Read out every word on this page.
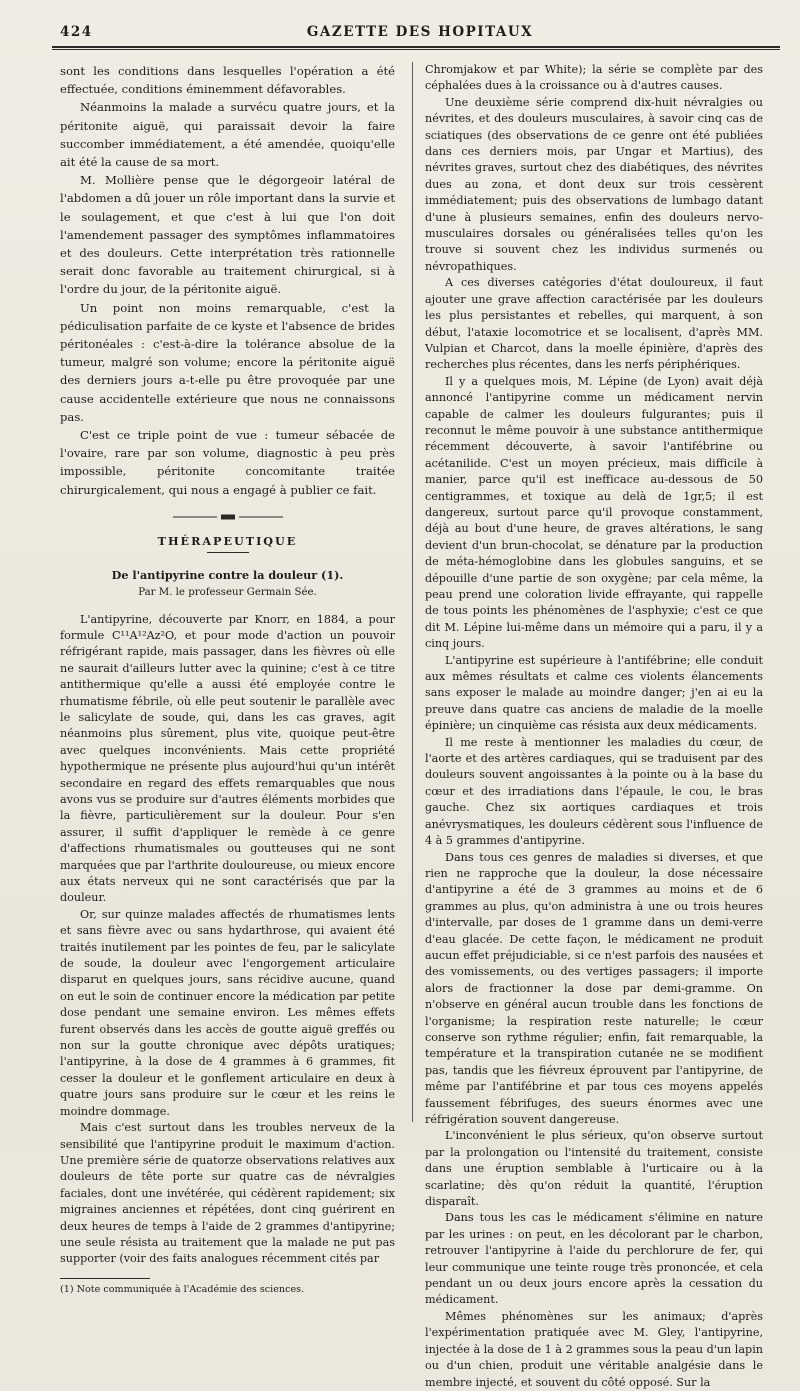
424	GAZETTE DES HOPITAUX

sont les conditions dans lesquelles l'opération a été effectuée, conditions éminemment défavorables.

Néanmoins la malade a survécu quatre jours, et la péritonite aiguë, qui paraissait devoir la faire succomber immédiatement, a été amendée, quoiqu'elle ait été la cause de sa mort.

M. Mollière pense que le dégorgeoir latéral de l'abdomen a dû jouer un rôle important dans la survie et le soulagement, et que c'est à lui que l'on doit l'amendement passager des symptômes inflammatoires et des douleurs. Cette interprétation très rationnelle serait donc favorable au traitement chirurgical, si à l'ordre du jour, de la péritonite aiguë.

Un point non moins remarquable, c'est la pédiculisation parfaite de ce kyste et l'absence de brides péritonéales : c'est-à-dire la tolérance absolue de la tumeur, malgré son volume; encore la péritonite aiguë des derniers jours a-t-elle pu être provoquée par une cause accidentelle extérieure que nous ne connaissons pas.

C'est ce triple point de vue : tumeur sébacée de l'ovaire, rare par son volume, diagnostic à peu près impossible, péritonite concomitante traitée chirurgicalement, qui nous a engagé à publier ce fait.

THÉRAPEUTIQUE
De l'antipyrine contre la douleur (1).
Par M. le professeur Germain Sée.

L'antipyrine, découverte par Knorr, en 1884, a pour formule C¹¹A¹²Az²O, et pour mode d'action un pouvoir réfrigérant rapide, mais passager, dans les fièvres où elle ne saurait d'ailleurs lutter avec la quinine; c'est à ce titre antithermique qu'elle a aussi été employée contre le rhumatisme fébrile, où elle peut soutenir le parallèle avec le salicylate de soude, qui, dans les cas graves, agit néanmoins plus sûrement, plus vite, quoique peut-être avec quelques inconvénients. Mais cette propriété hypothermique ne présente plus aujourd'hui qu'un intérêt secondaire en regard des effets remarquables que nous avons vus se produire sur d'autres éléments morbides que la fièvre, particulièrement sur la douleur. Pour s'en assurer, il suffit d'appliquer le remède à ce genre d'affections rhumatismales ou goutteuses qui ne sont marquées que par l'arthrite douloureuse, ou mieux encore aux états nerveux qui ne sont caractérisés que par la douleur.

Or, sur quinze malades affectés de rhumatismes lents et sans fièvre avec ou sans hydarthrose, qui avaient été traités inutilement par les pointes de feu, par le salicylate de soude, la douleur avec l'engorgement articulaire disparut en quelques jours, sans récidive aucune, quand on eut le soin de continuer encore la médication par petite dose pendant une semaine environ. Les mêmes effets furent observés dans les accès de goutte aiguë greffés ou non sur la goutte chronique avec dépôts uratiques; l'antipyrine, à la dose de 4 grammes à 6 grammes, fit cesser la douleur et le gonflement articulaire en deux à quatre jours sans produire sur le cœur et les reins le moindre dommage.

Mais c'est surtout dans les troubles nerveux de la sensibilité que l'antipyrine produit le maximum d'action. Une première série de quatorze observations relatives aux douleurs de tête porte sur quatre cas de névralgies faciales, dont une invétérée, qui cédèrent rapidement; six migraines anciennes et répétées, dont cinq guérirent en deux heures de temps à l'aide de 2 grammes d'antipyrine; une seule résista au traitement que la malade ne put pas supporter (voir des faits analogues récemment cités par

(1) Note communiquée à l'Académie des sciences.

Chromjakow et par White); la série se complète par des céphalées dues à la croissance ou à d'autres causes.

Une deuxième série comprend dix-huit névralgies ou névrites, et des douleurs musculaires, à savoir cinq cas de sciatiques (des observations de ce genre ont été publiées dans ces derniers mois, par Ungar et Martius), des névrites graves, surtout chez des diabétiques, des névrites dues au zona, et dont deux sur trois cessèrent immédiatement; puis des observations de lumbago datant d'une à plusieurs semaines, enfin des douleurs nervo-musculaires dorsales ou généralisées telles qu'on les trouve si souvent chez les individus surmenés ou névropathiques.

A ces diverses catégories d'état douloureux, il faut ajouter une grave affection caractérisée par les douleurs les plus persistantes et rebelles, qui marquent, à son début, l'ataxie locomotrice et se localisent, d'après MM. Vulpian et Charcot, dans la moelle épinière, d'après des recherches plus récentes, dans les nerfs périphériques.

Il y a quelques mois, M. Lépine (de Lyon) avait déjà annoncé l'antipyrine comme un médicament nervin capable de calmer les douleurs fulgurantes; puis il reconnut le même pouvoir à une substance antithermique récemment découverte, à savoir l'antifébrine ou acétanilide. C'est un moyen précieux, mais difficile à manier, parce qu'il est inefficace au-dessous de 50 centigrammes, et toxique au delà de 1gr,5; il est dangereux, surtout parce qu'il provoque constamment, déjà au bout d'une heure, de graves altérations, le sang devient d'un brun-chocolat, se dénature par la production de méta-hémoglobine dans les globules sanguins, et se dépouille d'une partie de son oxygène; par cela même, la peau prend une coloration livide effrayante, qui rappelle de tous points les phénomènes de l'asphyxie; c'est ce que dit M. Lépine lui-même dans un mémoire qui a paru, il y a cinq jours.

L'antipyrine est supérieure à l'antifébrine; elle conduit aux mêmes résultats et calme ces violents élancements sans exposer le malade au moindre danger; j'en ai eu la preuve dans quatre cas anciens de maladie de la moelle épinière; un cinquième cas résista aux deux médicaments.

Il me reste à mentionner les maladies du cœur, de l'aorte et des artères cardiaques, qui se traduisent par des douleurs souvent angoissantes à la pointe ou à la base du cœur et des irradiations dans l'épaule, le cou, le bras gauche. Chez six aortiques cardiaques et trois anévrysmatiques, les douleurs cédèrent sous l'influence de 4 à 5 grammes d'antipyrine.

Dans tous ces genres de maladies si diverses, et que rien ne rapproche que la douleur, la dose nécessaire d'antipyrine a été de 3 grammes au moins et de 6 grammes au plus, qu'on administra à une ou trois heures d'intervalle, par doses de 1 gramme dans un demi-verre d'eau glacée. De cette façon, le médicament ne produit aucun effet préjudiciable, si ce n'est parfois des nausées et des vomissements, ou des vertiges passagers; il importe alors de fractionner la dose par demi-gramme. On n'observe en général aucun trouble dans les fonctions de l'organisme; la respiration reste naturelle; le cœur conserve son rythme régulier; enfin, fait remarquable, la température et la transpiration cutanée ne se modifient pas, tandis que les fiévreux éprouvent par l'antipyrine, de même par l'antifébrine et par tous ces moyens appelés faussement fébrifuges, des sueurs énormes avec une réfrigération souvent dangereuse.

L'inconvénient le plus sérieux, qu'on observe surtout par la prolongation ou l'intensité du traitement, consiste dans une éruption semblable à l'urticaire ou à la scarlatine; dès qu'on réduit la quantité, l'éruption disparaît.

Dans tous les cas le médicament s'élimine en nature par les urines : on peut, en les décolorant par le charbon, retrouver l'antipyrine à l'aide du perchlorure de fer, qui leur communique une teinte rouge très prononcée, et cela pendant un ou deux jours encore après la cessation du médicament.

Mêmes phénomènes sur les animaux; d'après l'expérimentation pratiquée avec M. Gley, l'antipyrine, injectée à la dose de 1 à 2 grammes sous la peau d'un lapin ou d'un chien, produit une véritable analgésie dans le membre injecté, et souvent du côté opposé. Sur la
